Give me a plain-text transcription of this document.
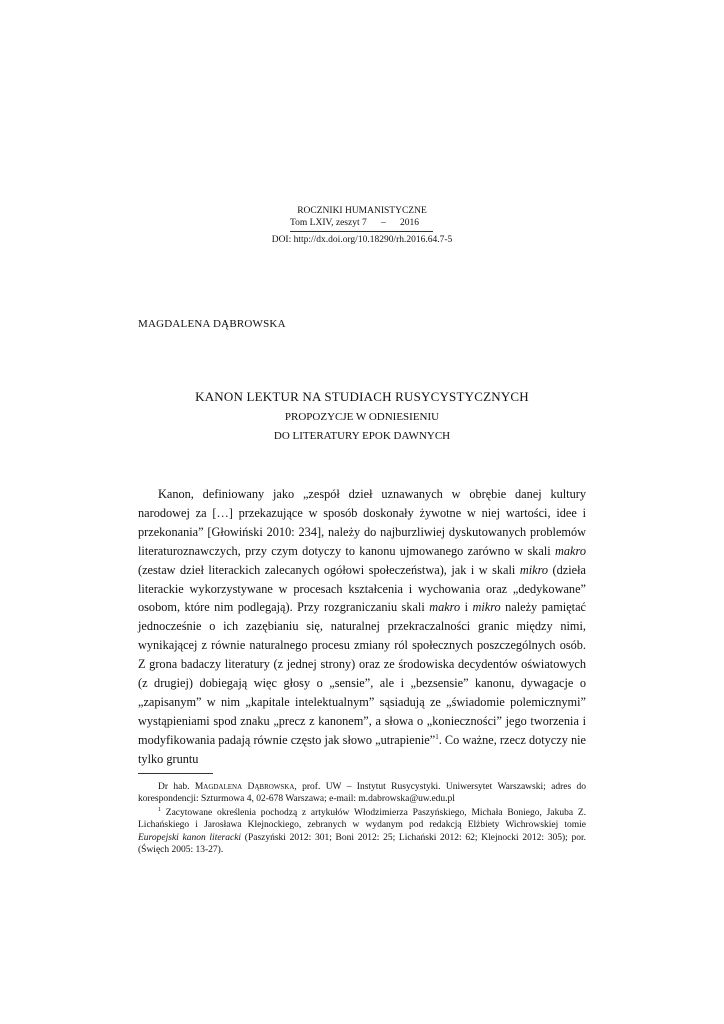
ROCZNIKI HUMANISTYCZNE
Tom LXIV, zeszyt 7
–
2016
DOI: http://dx.doi.org/10.18290/rh.2016.64.7-5
MAGDALENA DĄBROWSKA
KANON LEKTUR NA STUDIACH RUSYCYSTYCZNYCH
PROPOZYCJE W ODNIESIENIU
DO LITERATURY EPOK DAWNYCH

Kanon, definiowany jako „zespół dzieł uznawanych w obrębie danej kultury narodowej za […] przekazujące w sposób doskonały żywotne w niej wartości, idee i przekonania” [Głowiński 2010: 234], należy do najburzliwiej dyskutowanych problemów literaturoznawczych, przy czym dotyczy to kanonu ujmowanego zarówno w skali makro (zestaw dzieł literackich zalecanych ogółowi społeczeństwa), jak i w skali mikro (dzieła literackie wykorzystywane w procesach kształcenia i wychowania oraz „dedykowane” osobom, które nim podlegają). Przy rozgraniczaniu skali makro i mikro należy pamiętać jednocześnie o ich zazębianiu się, naturalnej przekraczalności granic między nimi, wynikającej z równie naturalnego procesu zmiany ról społecznych poszczególnych osób. Z grona badaczy literatury (z jednej strony) oraz ze środowiska decydentów oświatowych (z drugiej) dobiegają więc głosy o „sensie”, ale i „bezsensie” kanonu, dywagacje o „zapisanym” w nim „kapitale intelektualnym” sąsiadują ze „świadomie polemicznymi” wystąpieniami spod znaku „precz z kanonem”, a słowa o „konieczności” jego tworzenia i modyfikowania padają równie często jak słowo „utrapienie”$^1$. Co ważne, rzecz dotyczy nie tylko gruntu

Dr hab. Magdalena Dąbrowska, prof. UW – Instytut Rusycystyki. Uniwersytet Warszawski; adres do korespondencji: Szturmowa 4, 02-678 Warszawa; e-mail: m.dabrowska@uw.edu.pl

$^1$ Zacytowane określenia pochodzą z artykułów Włodzimierza Paszyńskiego, Michała Boniego, Jakuba Z. Lichańskiego i Jarosława Klejnockiego, zebranych w wydanym pod redakcją Elżbiety Wichrowskiej tomie Europejski kanon literacki (Paszyński 2012: 301; Boni 2012: 25; Lichański 2012: 62; Klejnocki 2012: 305); por. (Święch 2005: 13-27).
